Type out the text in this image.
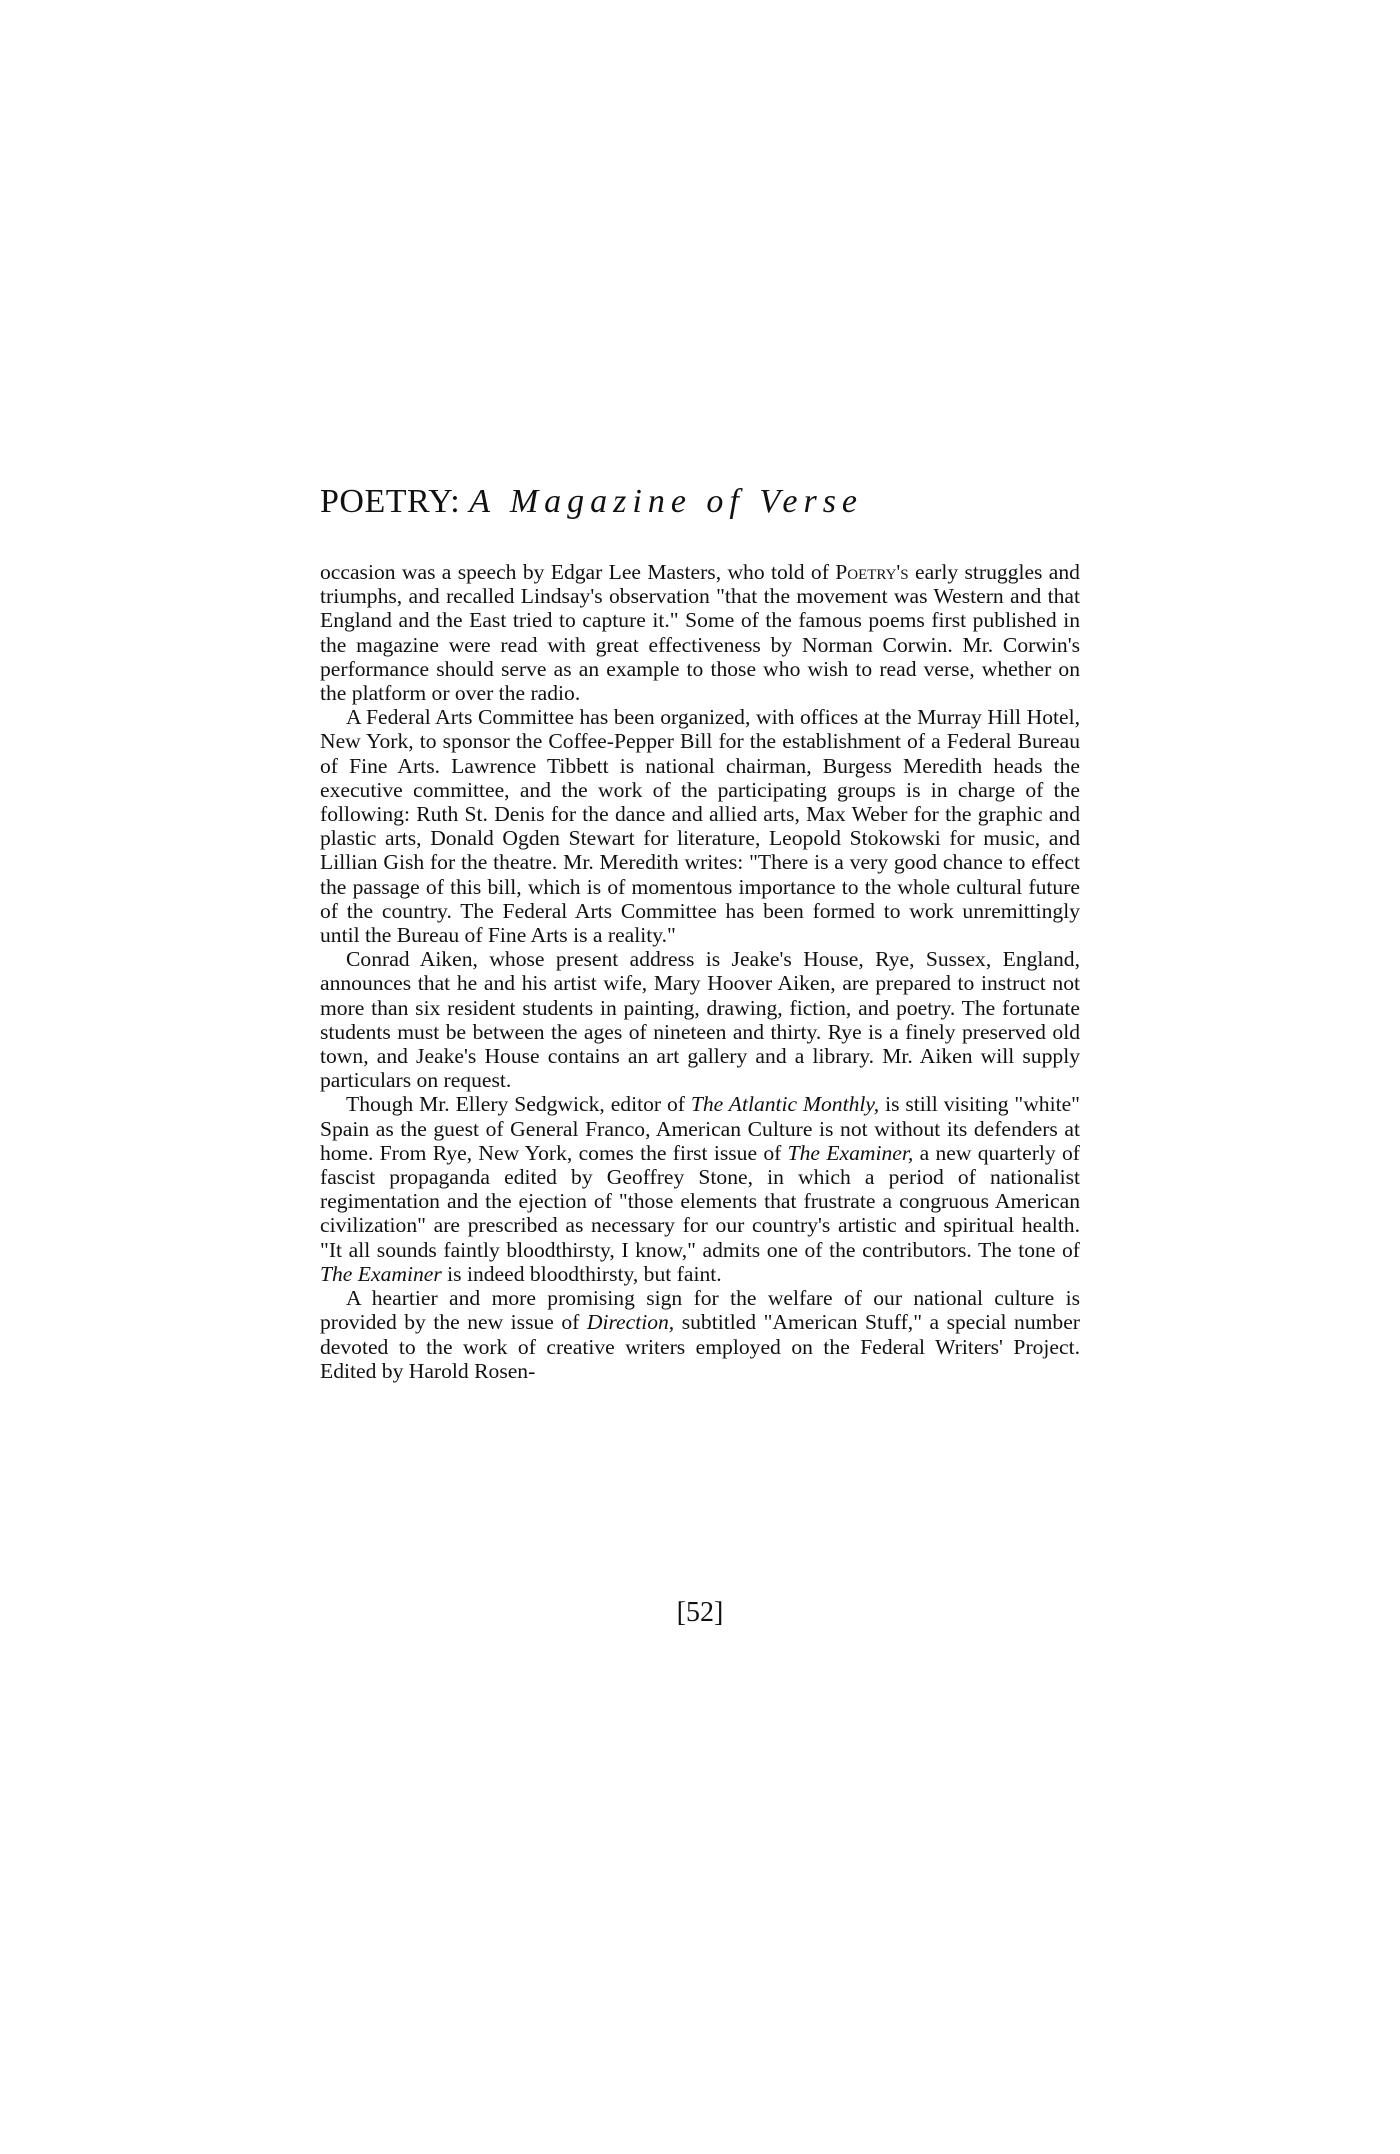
POETRY: A Magazine of Verse

occasion was a speech by Edgar Lee Masters, who told of Poetry's early struggles and triumphs, and recalled Lindsay's observation "that the movement was Western and that England and the East tried to capture it." Some of the famous poems first published in the magazine were read with great effectiveness by Norman Corwin. Mr. Corwin's performance should serve as an example to those who wish to read verse, whether on the platform or over the radio.

A Federal Arts Committee has been organized, with offices at the Murray Hill Hotel, New York, to sponsor the Coffee-Pepper Bill for the establishment of a Federal Bureau of Fine Arts. Lawrence Tibbett is national chairman, Burgess Meredith heads the executive committee, and the work of the participating groups is in charge of the following: Ruth St. Denis for the dance and allied arts, Max Weber for the graphic and plastic arts, Donald Ogden Stewart for literature, Leopold Stokowski for music, and Lillian Gish for the theatre. Mr. Meredith writes: "There is a very good chance to effect the passage of this bill, which is of momentous importance to the whole cultural future of the country. The Federal Arts Committee has been formed to work unremittingly until the Bureau of Fine Arts is a reality."

Conrad Aiken, whose present address is Jeake's House, Rye, Sussex, England, announces that he and his artist wife, Mary Hoover Aiken, are prepared to instruct not more than six resident students in painting, drawing, fiction, and poetry. The fortunate students must be between the ages of nineteen and thirty. Rye is a finely preserved old town, and Jeake's House contains an art gallery and a library. Mr. Aiken will supply particulars on request.

Though Mr. Ellery Sedgwick, editor of The Atlantic Monthly, is still visiting "white" Spain as the guest of General Franco, American Culture is not without its defenders at home. From Rye, New York, comes the first issue of The Examiner, a new quarterly of fascist propaganda edited by Geoffrey Stone, in which a period of nationalist regimentation and the ejection of "those elements that frustrate a congruous American civilization" are prescribed as necessary for our country's artistic and spiritual health. "It all sounds faintly bloodthirsty, I know," admits one of the contributors. The tone of The Examiner is indeed bloodthirsty, but faint.

A heartier and more promising sign for the welfare of our national culture is provided by the new issue of Direction, subtitled "American Stuff," a special number devoted to the work of creative writers employed on the Federal Writers' Project. Edited by Harold Rosen-

[52]
